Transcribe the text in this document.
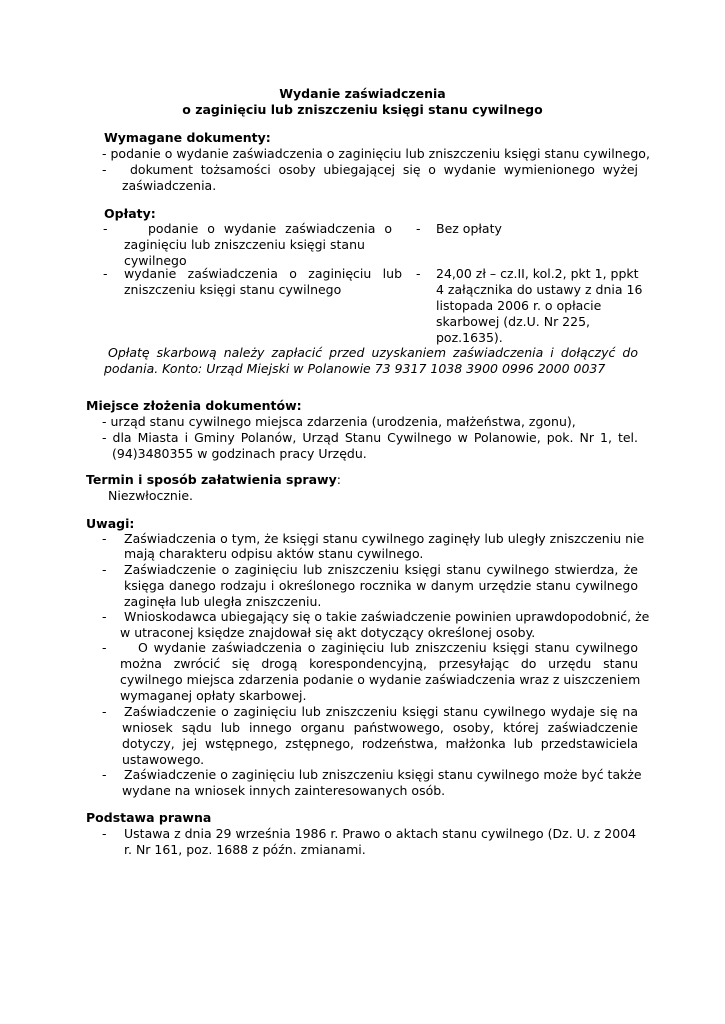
Wydanie zaświadczenia
o zaginięciu lub zniszczeniu księgi stanu cywilnego
Wymagane dokumenty:
- podanie o wydanie zaświadczenia o zaginięciu lub zniszczeniu księgi stanu cywilnego,
- dokument tożsamości osoby ubiegającej się o wydanie wymienionego wyżej
zaświadczenia.
Opłaty:
-	podanie o wydanie zaświadczenia o
zaginięciu lub zniszczeniu księgi stanu
cywilnego
- Bez opłaty
- wydanie zaświadczenia o zaginięciu lub
zniszczeniu księgi stanu cywilnego
- 24,00 zł – cz.II, kol.2, pkt 1, ppkt
4 załącznika do ustawy z dnia 16
listopada 2006 r. o opłacie
skarbowej (dz.U. Nr 225,
poz.1635).
Opłatę skarbową należy zapłacić przed uzyskaniem zaświadczenia i dołączyć do
podania. Konto: Urząd Miejski w Polanowie 73 9317 1038 3900 0996 2000 0037
Miejsce złożenia dokumentów:
- urząd stanu cywilnego miejsca zdarzenia (urodzenia, małżeństwa, zgonu),
- dla Miasta i Gminy Polanów, Urząd Stanu Cywilnego w Polanowie, pok. Nr 1, tel.
(94)3480355 w godzinach pracy Urzędu.
Termin i sposób załatwienia sprawy:
Niezwłocznie.
Uwagi:
- Zaświadczenia o tym, że księgi stanu cywilnego zaginęły lub uległy zniszczeniu nie
mają charakteru odpisu aktów stanu cywilnego.
- Zaświadczenie o zaginięciu lub zniszczeniu księgi stanu cywilnego stwierdza, że
księga danego rodzaju i określonego rocznika w danym urzędzie stanu cywilnego
zaginęła lub uległa zniszczeniu.
- Wnioskodawca ubiegający się o takie zaświadczenie powinien uprawdopodobnić, że
w utraconej księdze znajdował się akt dotyczący określonej osoby.
-	O wydanie zaświadczenia o zaginięciu lub zniszczeniu księgi stanu cywilnego
można zwrócić się drogą korespondencyjną, przesyłając do urzędu stanu
cywilnego miejsca zdarzenia podanie o wydanie zaświadczenia wraz z uiszczeniem
wymaganej opłaty skarbowej.
- Zaświadczenie o zaginięciu lub zniszczeniu księgi stanu cywilnego wydaje się na
wniosek sądu lub innego organu państwowego, osoby, której zaświadczenie
dotyczy, jej wstępnego, zstępnego, rodzeństwa, małżonka lub przedstawiciela
ustawowego.
- Zaświadczenie o zaginięciu lub zniszczeniu księgi stanu cywilnego może być także
wydane na wniosek innych zainteresowanych osób.
Podstawa prawna
- Ustawa z dnia 29 września 1986 r. Prawo o aktach stanu cywilnego (Dz. U. z 2004
r. Nr 161, poz. 1688 z późn. zmianami.
